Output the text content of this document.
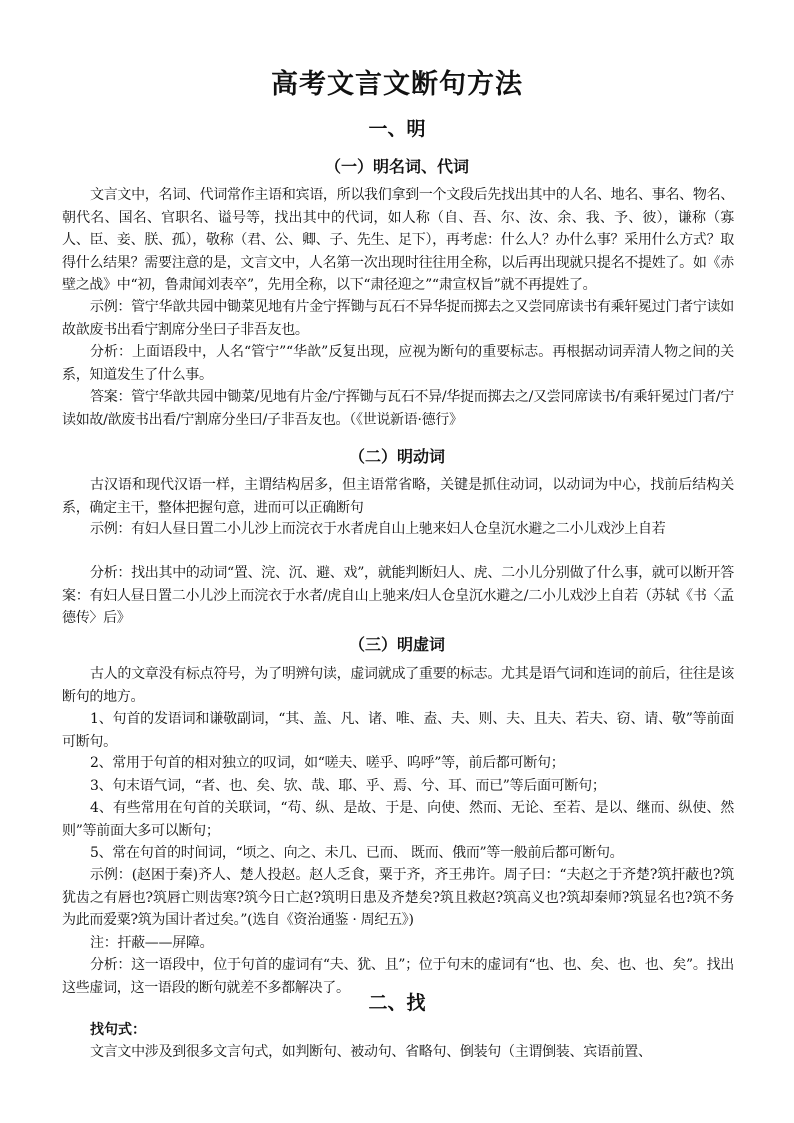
高考文言文断句方法
一、明
（一）明名词、代词

文言文中，名词、代词常作主语和宾语，所以我们拿到一个文段后先找出其中的人名、地名、事名、物名、朝代名、国名、官职名、谥号等，找出其中的代词，如人称（自、吾、尔、汝、余、我、予、彼），谦称（寡人、臣、妾、朕、孤），敬称（君、公、卿、子、先生、足下），再考虑：什么人？办什么事？采用什么方式？取得什么结果？需要注意的是，文言文中，人名第一次出现时往往用全称，以后再出现就只提名不提姓了。如《赤壁之战》中“初，鲁肃闻刘表卒”，先用全称，以下“肃径迎之”“肃宣权旨”就不再提姓了。

示例：管宁华歆共园中锄菜见地有片金宁挥锄与瓦石不异华捉而掷去之又尝同席读书有乘轩冕过门者宁读如故歆废书出看宁割席分坐曰子非吾友也。

分析：上面语段中，人名“管宁”“华歆”反复出现，应视为断句的重要标志。再根据动词弄清人物之间的关系，知道发生了什么事。

答案：管宁华歆共园中锄菜/见地有片金/宁挥锄与瓦石不异/华捉而掷去之/又尝同席读书/有乘轩冕过门者/宁读如故/歆废书出看/宁割席分坐曰/子非吾友也。（《世说新语·德行》

（二）明动词

古汉语和现代汉语一样，主谓结构居多，但主语常省略，关键是抓住动词，以动词为中心，找前后结构关系，确定主干，整体把握句意，进而可以正确断句

示例：有妇人昼日置二小儿沙上而浣衣于水者虎自山上驰来妇人仓皇沉水避之二小儿戏沙上自若

分析：找出其中的动词“置、浣、沉、避、戏”，就能判断妇人、虎、二小儿分别做了什么事，就可以断开答案：有妇人昼日置二小儿沙上而浣衣于水者/虎自山上驰来/妇人仓皇沉水避之/二小儿戏沙上自若（苏轼《书〈孟德传〉后》

（三）明虚词

古人的文章没有标点符号，为了明辨句读，虚词就成了重要的标志。尤其是语气词和连词的前后，往往是该断句的地方。

1、句首的发语词和谦敬副词，“其、盖、凡、诸、唯、盍、夫、则、夫、且夫、若夫、窃、请、敬”等前面可断句。

2、常用于句首的相对独立的叹词，如“嗟夫、嗟乎、呜呼”等，前后都可断句；

3、句末语气词，“者、也、矣、欤、哉、耶、乎、焉、兮、耳、而已”等后面可断句；

4、有些常用在句首的关联词，“苟、纵、是故、于是、向使、然而、无论、至若、是以、继而、纵使、然则”等前面大多可以断句；

5、常在句首的时间词，“顷之、向之、未几、已而、 既而、俄而”等一般前后都可断句。

示例：(赵困于秦)齐人、楚人投赵。赵人乏食，粟于齐，齐王弗许。周子曰：“夫赵之于齐楚?筑扞蔽也?筑犹齿之有唇也?筑唇亡则齿寒?筑今日亡赵?筑明日患及齐楚矣?筑且救赵?筑高义也?筑却秦师?筑显名也?筑不务为此而爱粟?筑为国计者过矣。”(选自《资治通鉴 · 周纪五》)

注：扞蔽——屏障。

分析：这一语段中，位于句首的虚词有“夫、犹、且”；位于句末的虚词有“也、也、矣、也、也、矣”。找出这些虚词，这一语段的断句就差不多都解决了。

二、找
找句式：

文言文中涉及到很多文言句式，如判断句、被动句、省略句、倒装句（主谓倒装、宾语前置、
